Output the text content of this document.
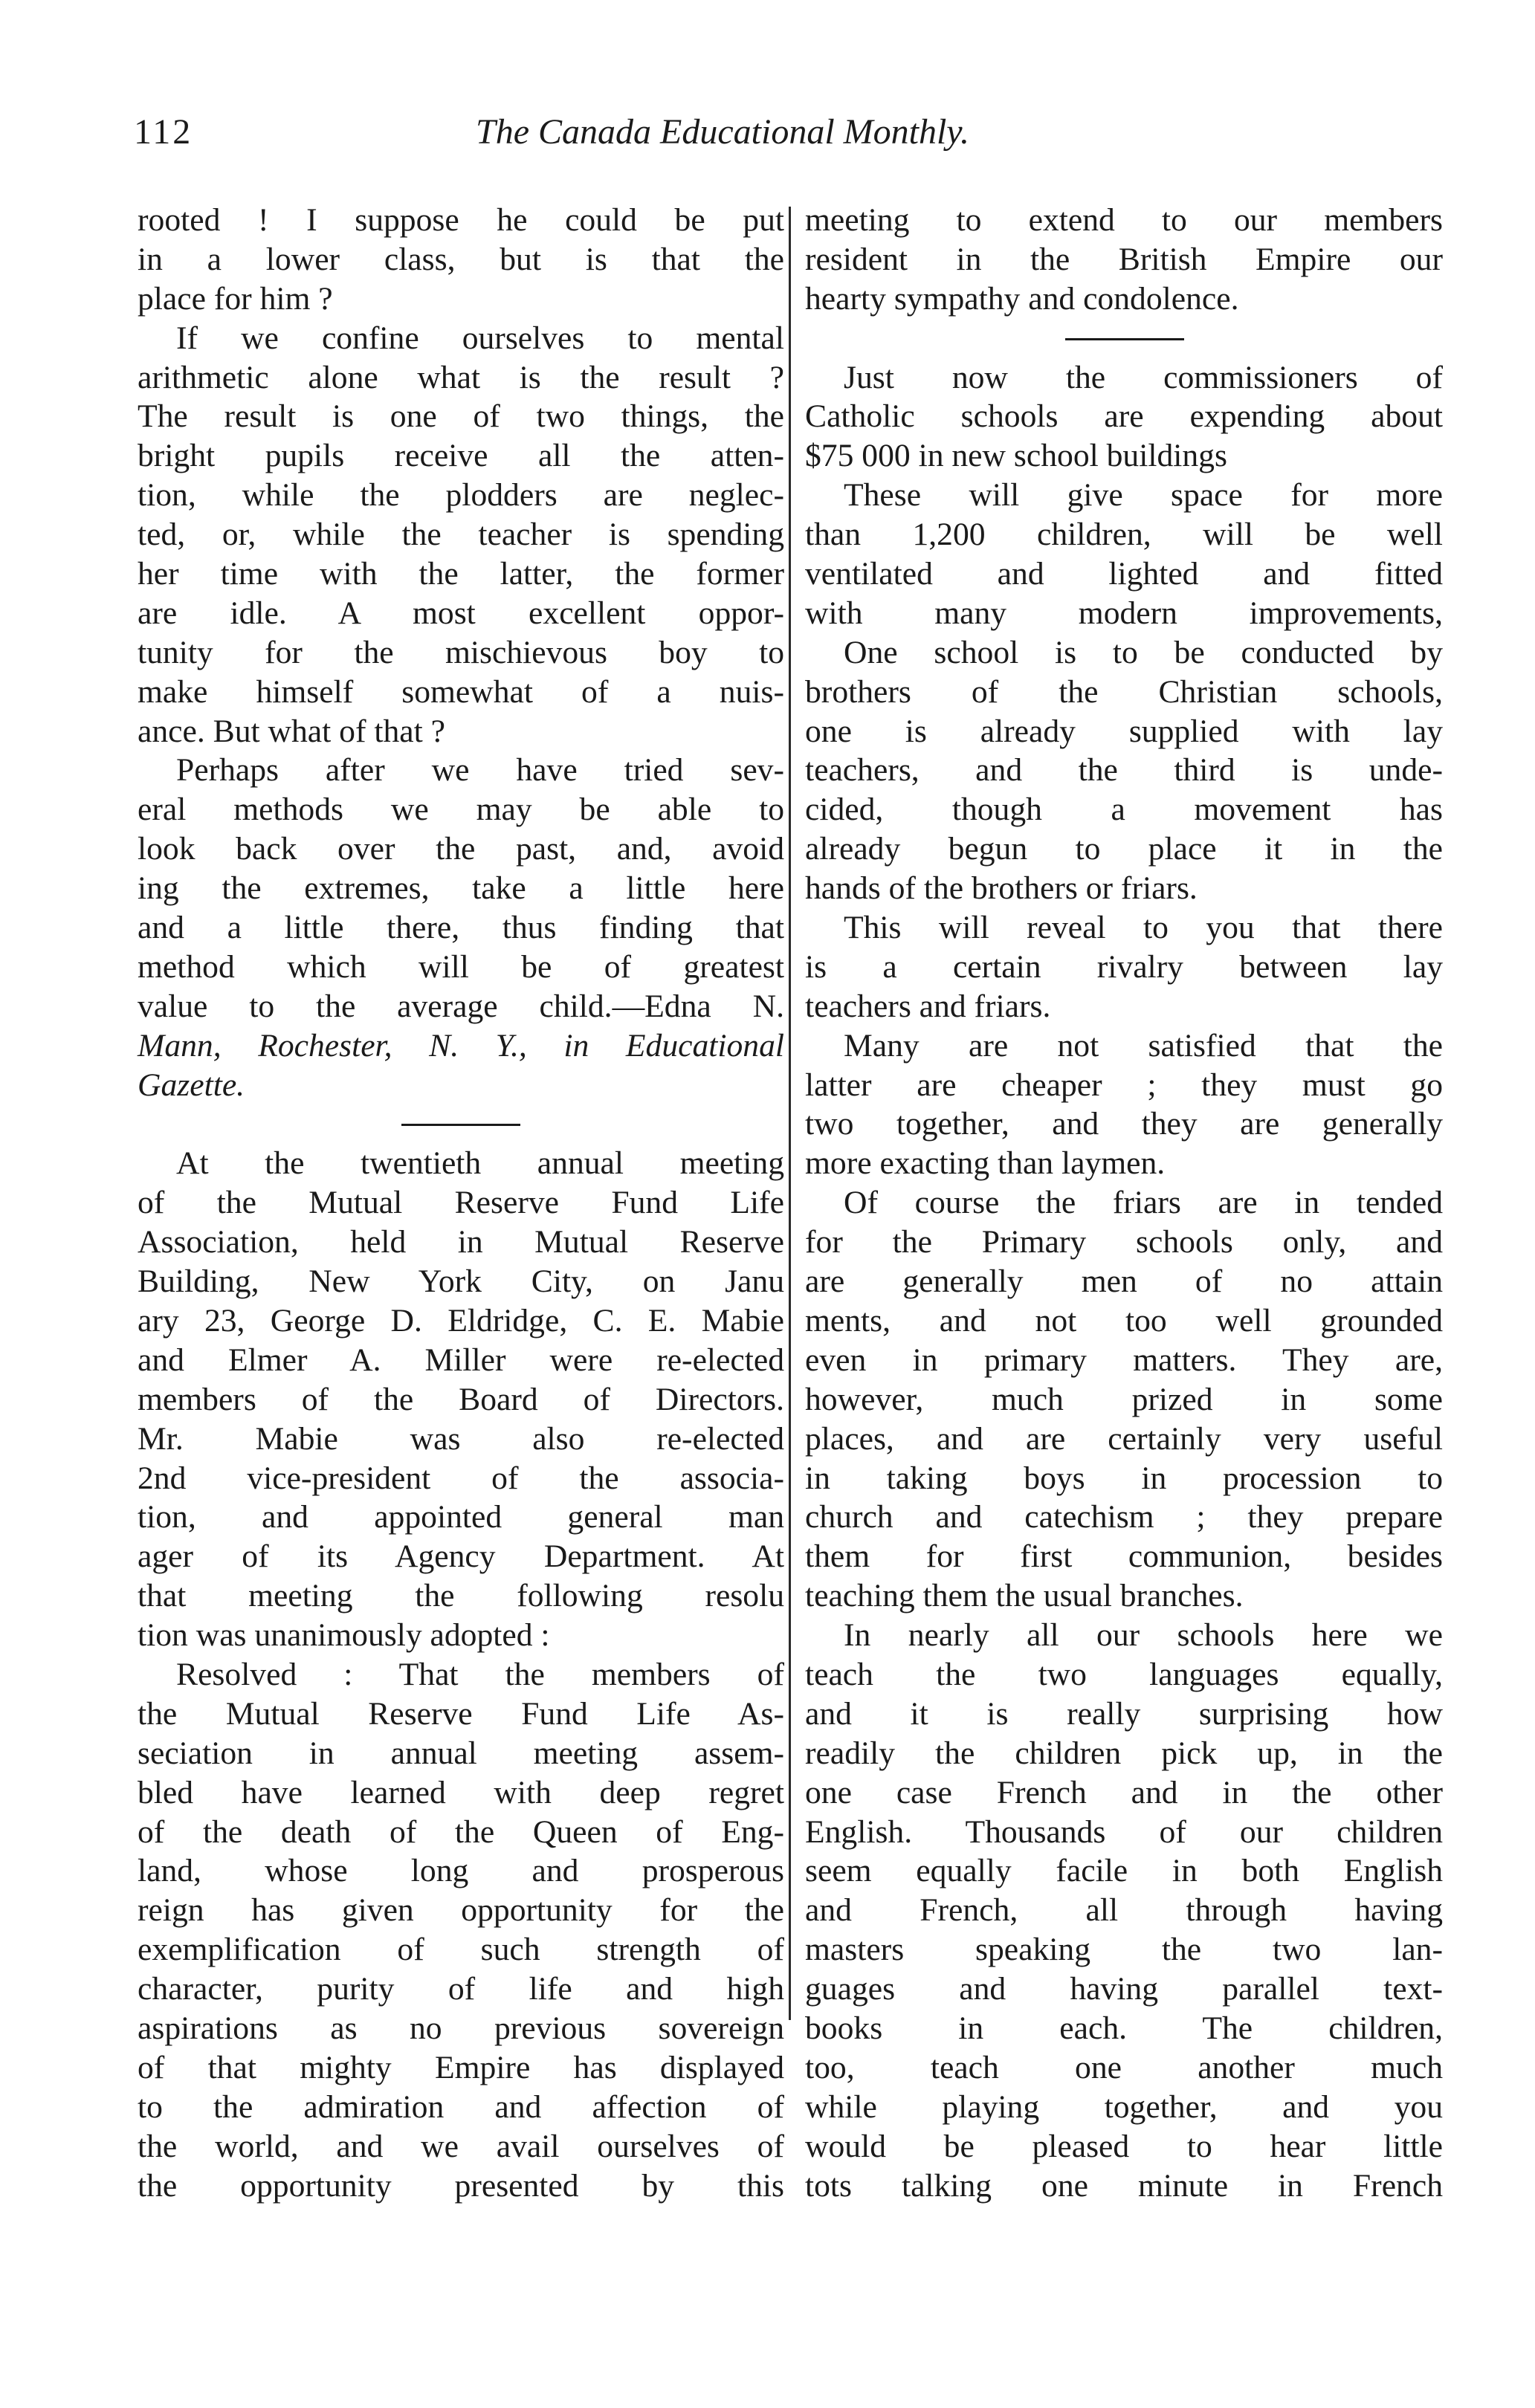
112	The Canada Educational Monthly.
rooted ! I suppose he could be put
in a lower class, but is that the
place for him ?
If we confine ourselves to mental
arithmetic alone what is the result ?
The result is one of two things, the
bright pupils receive all the atten-
tion, while the plodders are neglec-
ted, or, while the teacher is spending
her time with the latter, the former
are idle. A most excellent oppor-
tunity for the mischievous boy to
make himself somewhat of a nuis-
ance. But what of that ?
Perhaps after we have tried sev-
eral methods we may be able to
look back over the past, and, avoid
ing the extremes, take a little here
and a little there, thus finding that
method which will be of greatest
value to the average child.—Edna N.
Mann, Rochester, N. Y., in Educational
Gazette.
At the twentieth annual meeting
of the Mutual Reserve Fund Life
Association, held in Mutual Reserve
Building, New York City, on Janu
ary 23, George D. Eldridge, C. E. Mabie
and Elmer A. Miller were re-elected
members of the Board of Directors.
Mr. Mabie was also re-elected
2nd vice-president of the associa-
tion, and appointed general man
ager of its Agency Department. At
that meeting the following resolu
tion was unanimously adopted :
Resolved : That the members of
the Mutual Reserve Fund Life As-
seciation in annual meeting assem-
bled have learned with deep regret
of the death of the Queen of Eng-
land, whose long and prosperous
reign has given opportunity for the
exemplification of such strength of
character, purity of life and high
aspirations as no previous sovereign
of that mighty Empire has displayed
to the admiration and affection of
the world, and we avail ourselves of
the opportunity presented by this
meeting to extend to our members
resident in the British Empire our
hearty sympathy and condolence.
Just now the commissioners of
Catholic schools are expending about
$75 000 in new school buildings
These will give space for more
than 1,200 children, will be well
ventilated and lighted and fitted
with many modern improvements,
One school is to be conducted by
brothers of the Christian schools,
one is already supplied with lay
teachers, and the third is unde-
cided, though a movement has
already begun to place it in the
hands of the brothers or friars.
This will reveal to you that there
is a certain rivalry between lay
teachers and friars.
Many are not satisfied that the
latter are cheaper ; they must go
two together, and they are generally
more exacting than laymen.
Of course the friars are in tended
for the Primary schools only, and
are generally men of no attain
ments, and not too well grounded
even in primary matters. They are,
however, much prized in some
places, and are certainly very useful
in taking boys in procession to
church and catechism ; they prepare
them for first communion, besides
teaching them the usual branches.
In nearly all our schools here we
teach the two languages equally,
and it is really surprising how
readily the children pick up, in the
one case French and in the other
English. Thousands of our children
seem equally facile in both English
and French, all through having
masters speaking the two lan-
guages and having parallel text-
books in each. The children,
too, teach one another much
while playing together, and you
would be pleased to hear little
tots talking one minute in French
